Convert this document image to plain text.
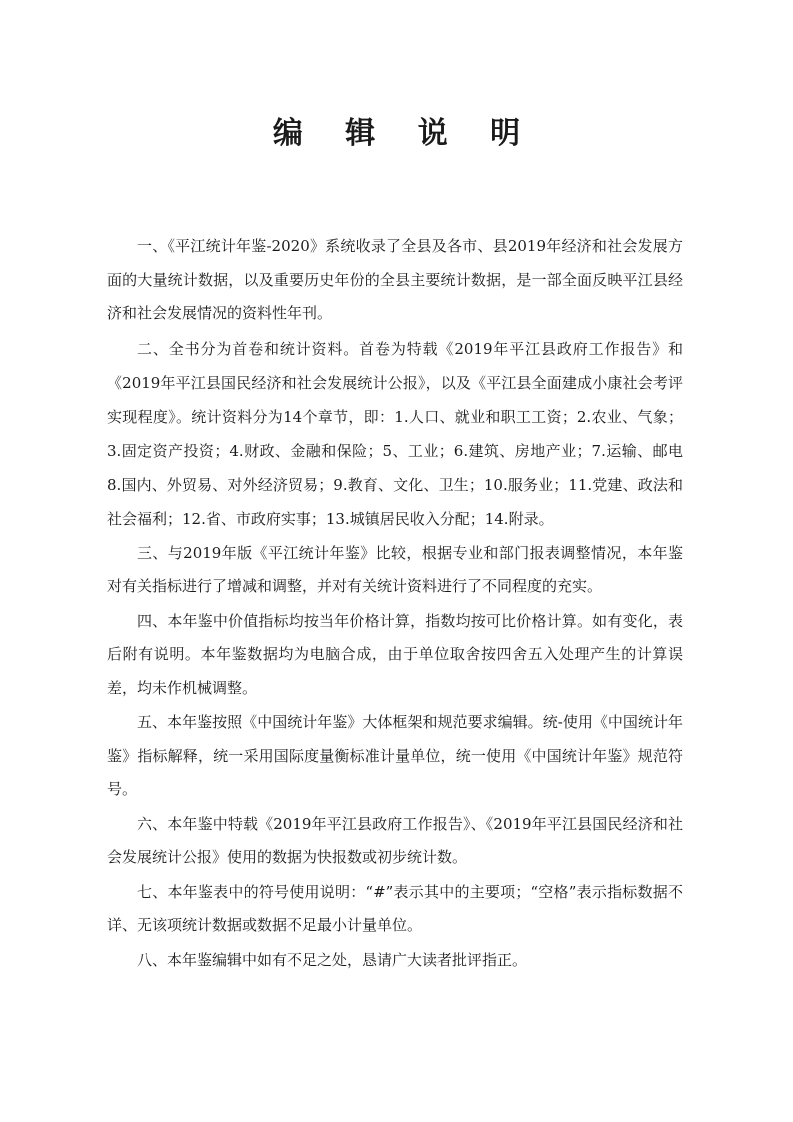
编 辑 说 明

一、《平江统计年鉴-2020》系统收录了全县及各市、县2019年经济和社会发展方面的大量统计数据，以及重要历史年份的全县主要统计数据，是一部全面反映平江县经济和社会发展情况的资料性年刊。

二、全书分为首卷和统计资料。首卷为特载《2019年平江县政府工作报告》和《2019年平江县国民经济和社会发展统计公报》，以及《平江县全面建成小康社会考评实现程度》。统计资料分为14个章节，即：1.人口、就业和职工工资；2.农业、气象；3.固定资产投资；4.财政、金融和保险；5、工业；6.建筑、房地产业；7.运输、邮电8.国内、外贸易、对外经济贸易；9.教育、文化、卫生；10.服务业；11.党建、政法和社会福利；12.省、市政府实事；13.城镇居民收入分配；14.附录。

三、与2019年版《平江统计年鉴》比较，根据专业和部门报表调整情况，本年鉴对有关指标进行了增减和调整，并对有关统计资料进行了不同程度的充实。

四、本年鉴中价值指标均按当年价格计算，指数均按可比价格计算。如有变化，表后附有说明。本年鉴数据均为电脑合成，由于单位取舍按四舍五入处理产生的计算误差，均未作机械调整。

五、本年鉴按照《中国统计年鉴》大体框架和规范要求编辑。统-使用《中国统计年鉴》指标解释，统一采用国际度量衡标准计量单位，统一使用《中国统计年鉴》规范符号。

六、本年鉴中特载《2019年平江县政府工作报告》、《2019年平江县国民经济和社会发展统计公报》使用的数据为快报数或初步统计数。

七、本年鉴表中的符号使用说明：“#”表示其中的主要项；“空格”表示指标数据不详、无该项统计数据或数据不足最小计量单位。

八、本年鉴编辑中如有不足之处，恳请广大读者批评指正。
